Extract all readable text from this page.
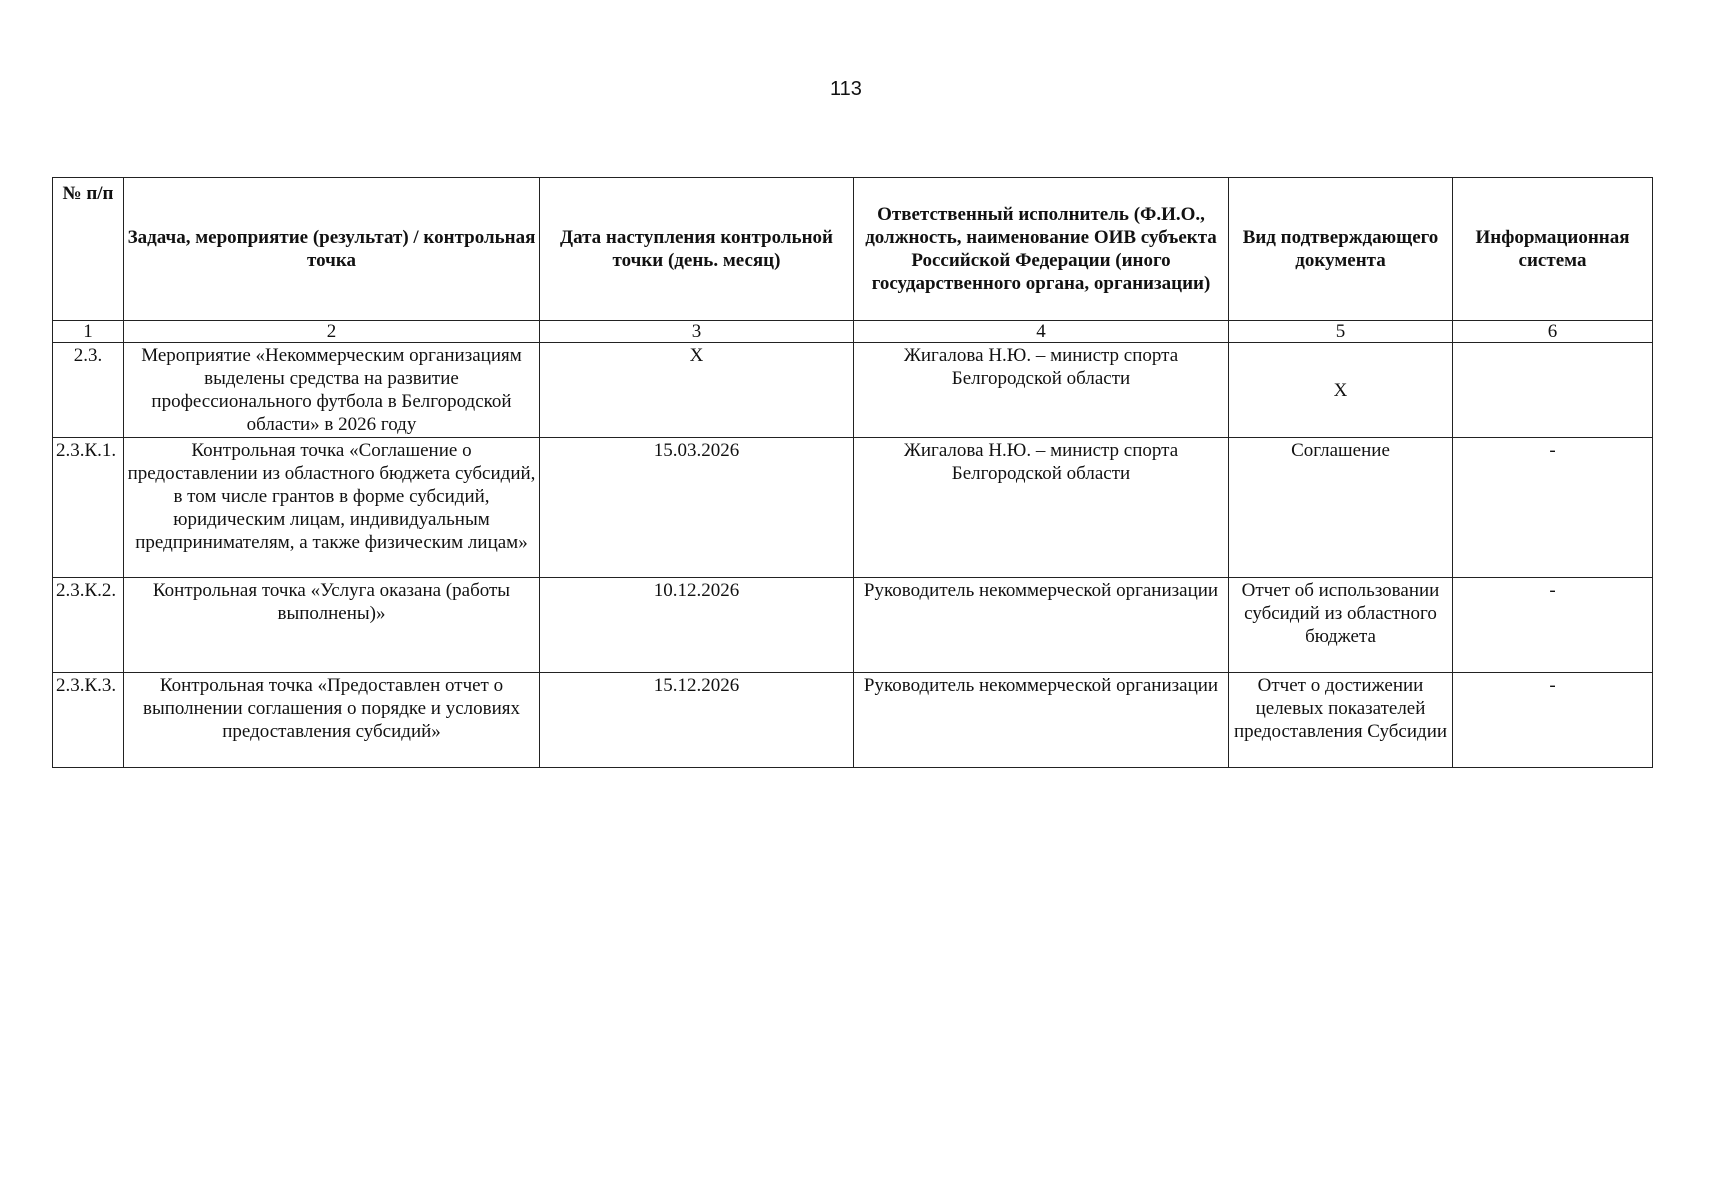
113
№ п/п	Задача, мероприятие (результат) / контрольная точка	Дата наступления контрольной точки (день. месяц)	Ответственный исполнитель (Ф.И.О., должность, наименование ОИВ субъекта Российской Федерации (иного государственного органа, организации)	Вид подтверждающего документа	Информационная система
1	2	3	4	5	6
2.3.	Мероприятие «Некоммерческим организациям выделены средства на развитие профессионального футбола в Белгородской области» в 2026 году	X	Жигалова Н.Ю. – министр спорта Белгородской области	X	
2.3.К.1.	Контрольная точка «Соглашение о предоставлении из областного бюджета субсидий, в том числе грантов в форме субсидий, юридическим лицам, индивидуальным предпринимателям, а также физическим лицам»	15.03.2026	Жигалова Н.Ю. – министр спорта Белгородской области	Соглашение	-
2.3.К.2.	Контрольная точка «Услуга оказана (работы выполнены)»	10.12.2026	Руководитель некоммерческой организации	Отчет об использовании субсидий из областного бюджета	-
2.3.К.3.	Контрольная точка «Предоставлен отчет о выполнении соглашения о порядке и условиях предоставления субсидий»	15.12.2026	Руководитель некоммерческой организации	Отчет о достижении целевых показателей предоставления Субсидии	-
